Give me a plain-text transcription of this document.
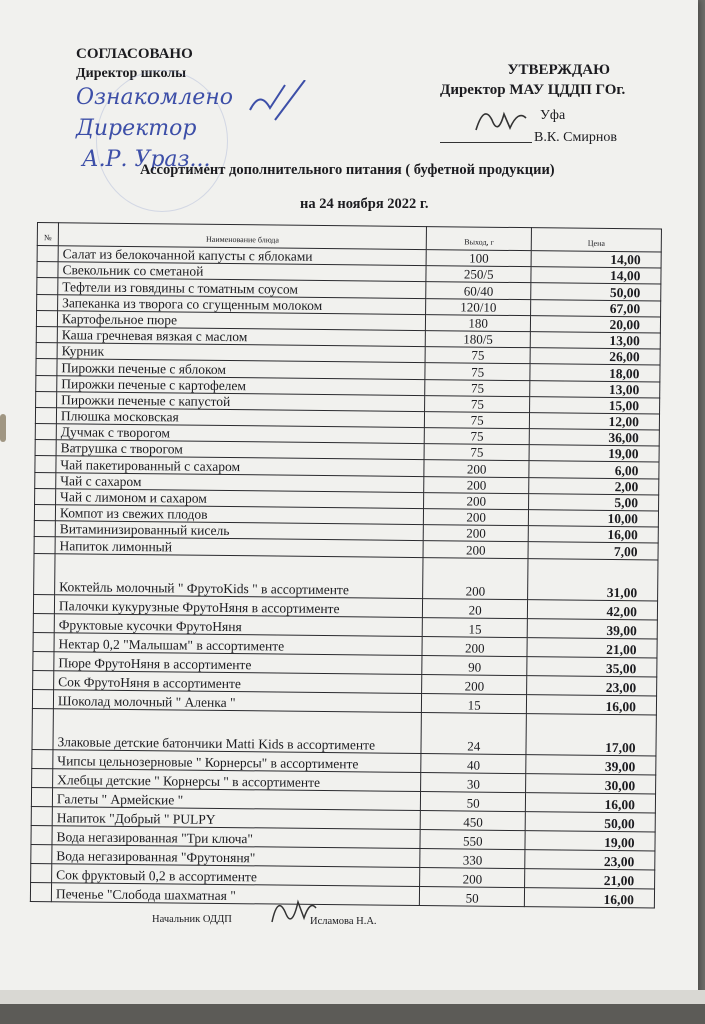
СОГЛАСОВАНО
Директор школы
Ознакомлено
Директор
А.Р. Ураз...
УТВЕРЖДАЮ
Директор МАУ ЦДДП ГОг.
Уфа
В.К. Смирнов
Ассортимент дополнительного питания ( буфетной продукции)
на 24 ноября 2022 г.
№	Наименование блюда	Выход, г	Цена
	Салат из белокочанной капусты с яблоками	100	14,00
	Свекольник со сметаной	250/5	14,00
	Тефтели из говядины с томатным соусом	60/40	50,00
	Запеканка из творога со сгущенным молоком	120/10	67,00
	Картофельное пюре	180	20,00
	Каша гречневая вязкая с маслом	180/5	13,00
	Курник	75	26,00
	Пирожки печеные с яблоком	75	18,00
	Пирожки печеные с картофелем	75	13,00
	Пирожки печеные с капустой	75	15,00
	Плюшка московская	75	12,00
	Дучмак с творогом	75	36,00
	Ватрушка с творогом	75	19,00
	Чай пакетированный с сахаром	200	6,00
	Чай с сахаром	200	2,00
	Чай с лимоном и сахаром	200	5,00
	Компот из свежих плодов	200	10,00
	Витаминизированный кисель	200	16,00
	Напиток лимонный	200	7,00
	Коктейль молочный " ФрутоKids " в ассортименте	200	31,00
	Палочки кукурузные ФрутоНяня в ассортименте	20	42,00
	Фруктовые кусочки ФрутоНяня	15	39,00
	Нектар 0,2 "Малышам" в ассортименте	200	21,00
	Пюре ФрутоНяня в ассортименте	90	35,00
	Сок ФрутоНяня в ассортименте	200	23,00
	Шоколад молочный " Аленка "	15	16,00
	Злаковые детские батончики Matti Kids в ассортименте	24	17,00
	Чипсы цельнозерновые " Корнерсы" в ассортименте	40	39,00
	Хлебцы детские " Корнерсы " в ассортименте	30	30,00
	Галеты " Армейские "	50	16,00
	Напиток "Добрый " PULPY	450	50,00
	Вода негазированная "Три ключа"	550	19,00
	Вода негазированная "Фрутоняня"	330	23,00
	Сок фруктовый 0,2 в ассортименте	200	21,00
	Печенье "Слобода шахматная "	50	16,00
Начальник ОДДП	Исламова Н.А.
